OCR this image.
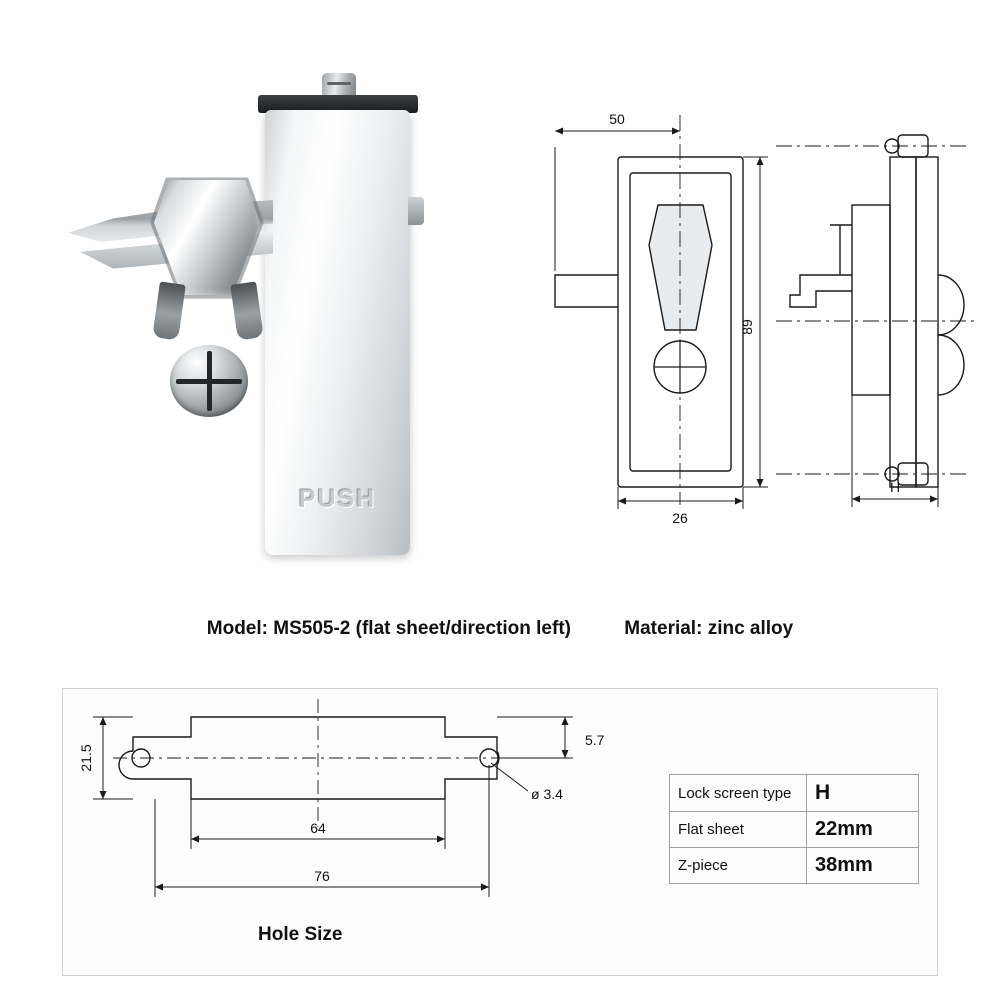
PUSH
50
26
89
H
Model: MS505-2 (flat sheet/direction left)	Material: zinc alloy
21.5
5.7
ø 3.4
64
76
Hole Size
Lock screen type	H
Flat sheet	22mm
Z-piece	38mm
